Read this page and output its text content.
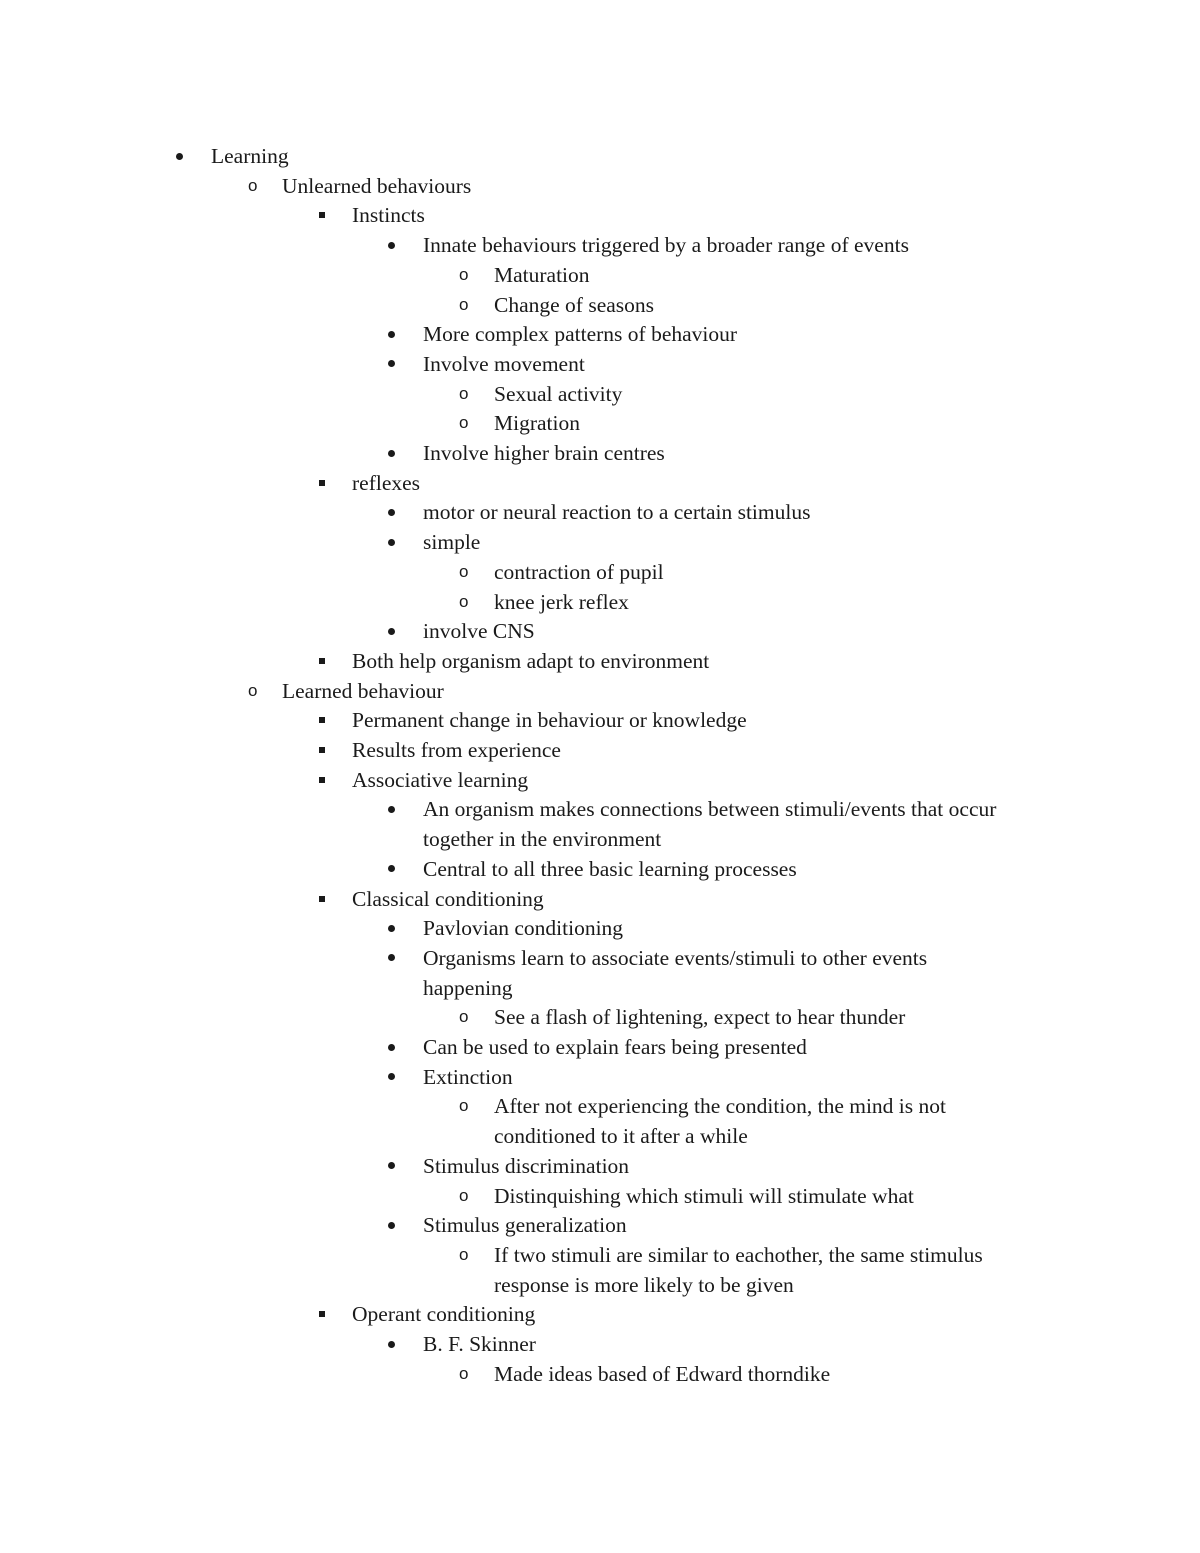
Learning
o Unlearned behaviours
Instincts
Innate behaviours triggered by a broader range of events
o Maturation
o Change of seasons
More complex patterns of behaviour
Involve movement
o Sexual activity
o Migration
Involve higher brain centres
reflexes
motor or neural reaction to a certain stimulus
simple
o contraction of pupil
o knee jerk reflex
involve CNS
Both help organism adapt to environment
o Learned behaviour
Permanent change in behaviour or knowledge
Results from experience
Associative learning
An organism makes connections between stimuli/events that occur
together in the environment
Central to all three basic learning processes
Classical conditioning
Pavlovian conditioning
Organisms learn to associate events/stimuli to other events
happening
o See a flash of lightening, expect to hear thunder
Can be used to explain fears being presented
Extinction
o After not experiencing the condition, the mind is not
conditioned to it after a while
Stimulus discrimination
o Distinquishing which stimuli will stimulate what
Stimulus generalization
o If two stimuli are similar to eachother, the same stimulus
response is more likely to be given
Operant conditioning
B. F. Skinner
o Made ideas based of Edward thorndike
